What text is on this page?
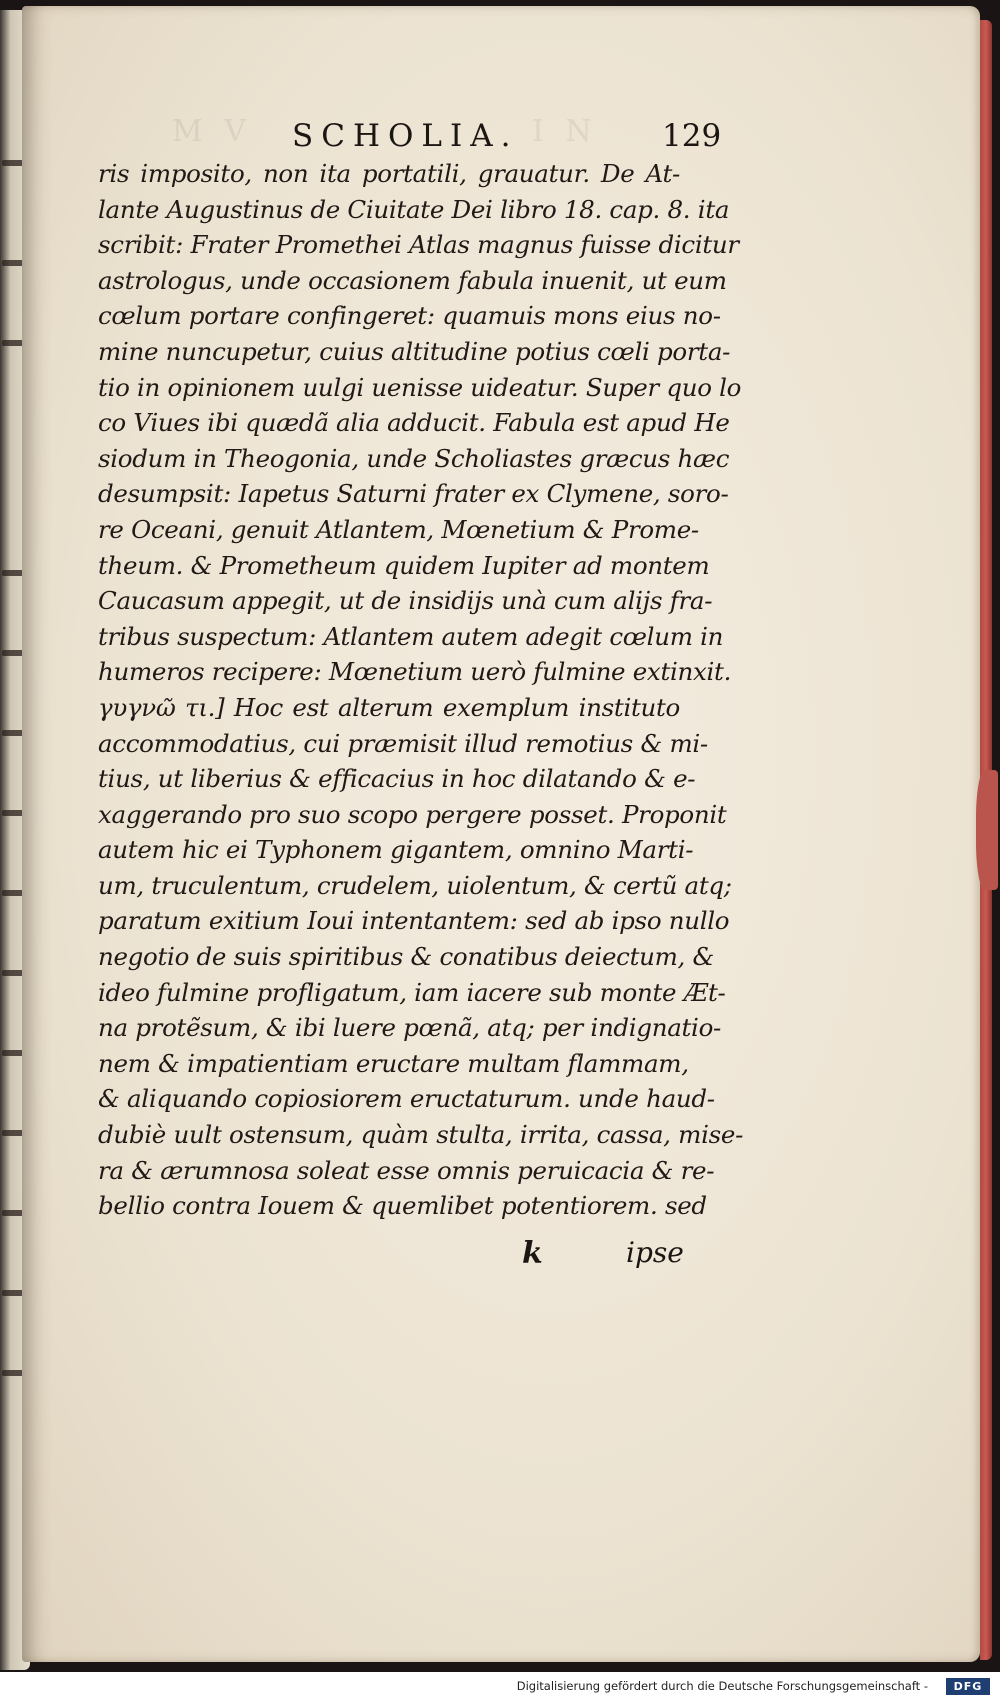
M V	I N
SCHOLIA.	129
ris imposito, non ita portatili, grauatur. De At-
lante Augustinus de Ciuitate Dei libro 18. cap. 8. ita
scribit: Frater Promethei Atlas magnus fuisse dicitur
astrologus, unde occasionem fabula inuenit, ut eum
cœlum portare confingeret: quamuis mons eius no-
mine nuncupetur, cuius altitudine potius cœli porta-
tio in opinionem uulgi uenisse uideatur. Super quo lo
co Viues ibi quædã alia adducit. Fabula est apud He
siodum in Theogonia, unde Scholiastes græcus hæc
desumpsit: Iapetus Saturni frater ex Clymene, soro-
re Oceani, genuit Atlantem, Mœnetium & Prome-
theum. & Prometheum quidem Iupiter ad montem
Caucasum appegit, ut de insidijs unà cum alijs fra-
tribus suspectum: Atlantem autem adegit cœlum in
humeros recipere: Mœnetium uerò fulmine extinxit.
γυγνῶ τι.] Hoc est alterum exemplum instituto
accommodatius, cui præmisit illud remotius & mi-
tius, ut liberius & efficacius in hoc dilatando & e-
xaggerando pro suo scopo pergere posset. Proponit
autem hic ei Typhonem gigantem, omnino Marti-
um, truculentum, crudelem, uiolentum, & certũ atq;
paratum exitium Ioui intentantem: sed ab ipso nullo
negotio de suis spiritibus & conatibus deiectum, &
ideo fulmine profligatum, iam iacere sub monte Æt-
na protẽsum, & ibi luere pœnã, atq; per indignatio-
nem & impatientiam eructare multam flammam,
& aliquando copiosiorem eructaturum. unde haud-
dubiè uult ostensum, quàm stulta, irrita, cassa, mise-
ra & ærumnosa soleat esse omnis peruicacia & re-
bellio contra Iouem & quemlibet potentiorem. sed
k	ipse
Digitalisierung gefördert durch die Deutsche Forschungsgemeinschaft -	DFG
